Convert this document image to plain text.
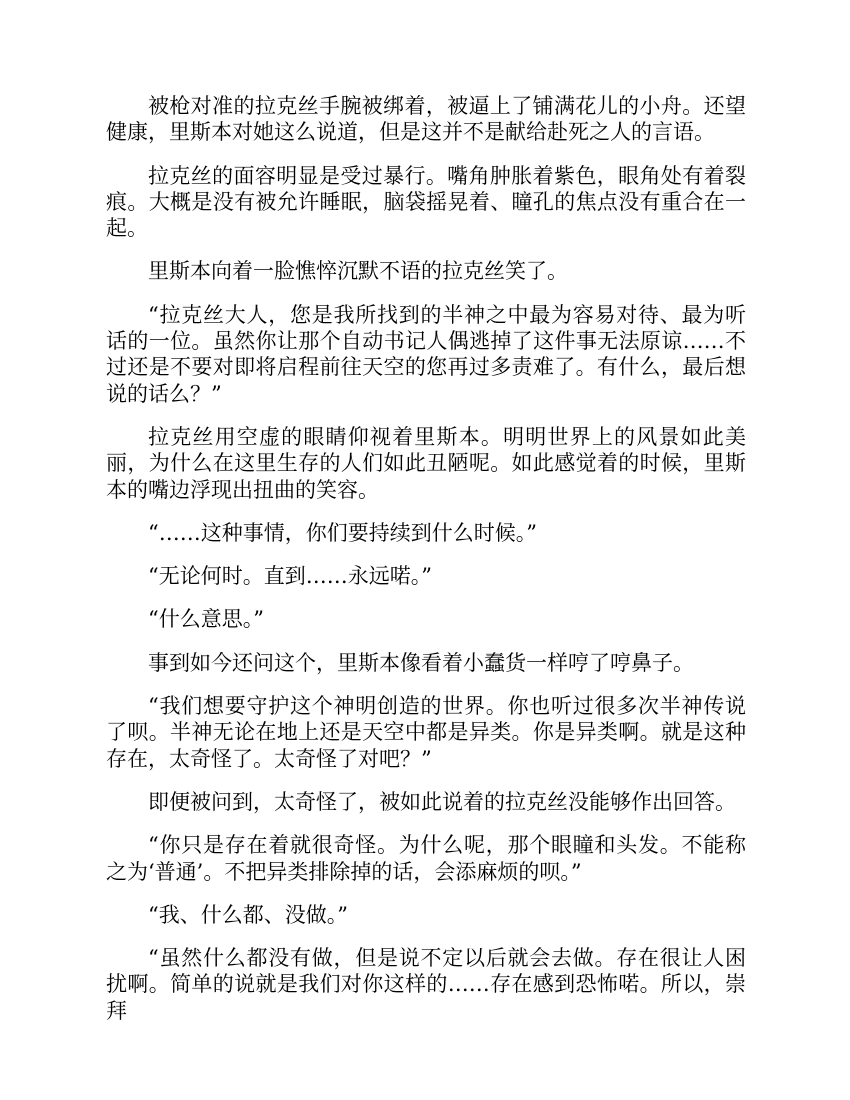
被枪对准的拉克丝手腕被绑着，被逼上了铺满花儿的小舟。还望健康，里斯本对她这么说道，但是这并不是献给赴死之人的言语。

拉克丝的面容明显是受过暴行。嘴角肿胀着紫色，眼角处有着裂痕。大概是没有被允许睡眠，脑袋摇晃着、瞳孔的焦点没有重合在一起。

里斯本向着一脸憔悴沉默不语的拉克丝笑了。

“拉克丝大人，您是我所找到的半神之中最为容易对待、最为听话的一位。虽然你让那个自动书记人偶逃掉了这件事无法原谅……不过还是不要对即将启程前往天空的您再过多责难了。有什么，最后想说的话么？”

拉克丝用空虚的眼睛仰视着里斯本。明明世界上的风景如此美丽，为什么在这里生存的人们如此丑陋呢。如此感觉着的时候，里斯本的嘴边浮现出扭曲的笑容。

“……这种事情，你们要持续到什么时候。”

“无论何时。直到……永远喏。”

“什么意思。”

事到如今还问这个，里斯本像看着小蠢货一样哼了哼鼻子。

“我们想要守护这个神明创造的世界。你也听过很多次半神传说了呗。半神无论在地上还是天空中都是异类。你是异类啊。就是这种存在，太奇怪了。太奇怪了对吧？”

即便被问到，太奇怪了，被如此说着的拉克丝没能够作出回答。

“你只是存在着就很奇怪。为什么呢，那个眼瞳和头发。不能称之为‘普通’。不把异类排除掉的话，会添麻烦的呗。”

“我、什么都、没做。”

“虽然什么都没有做，但是说不定以后就会去做。存在很让人困扰啊。简单的说就是我们对你这样的……存在感到恐怖喏。所以，崇拜
